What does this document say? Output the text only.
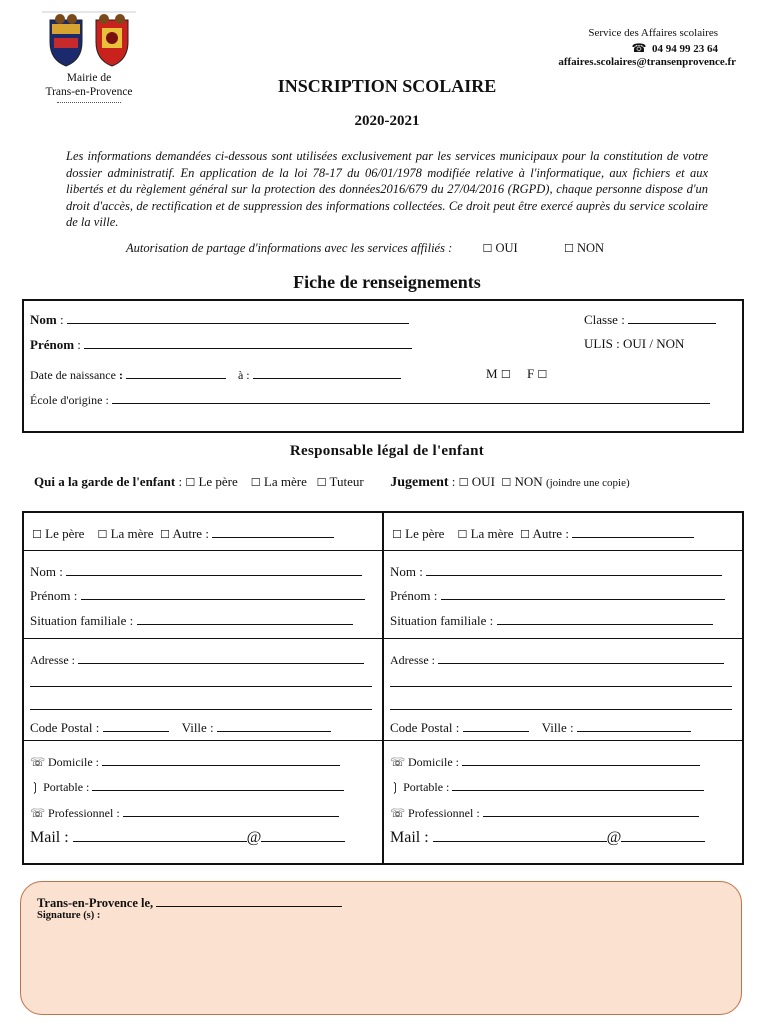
Mairie de
Trans-en-Provence
Service des Affaires scolaires
☎ 04 94 99 23 64
affaires.scolaires@transenprovence.fr
INSCRIPTION SCOLAIRE
2020-2021
Les informations demandées ci-dessous sont utilisées exclusivement par les services municipaux pour la constitution de votre dossier administratif. En application de la loi 78-17 du 06/01/1978 modifiée relative à l'informatique, aux fichiers et aux libertés et du règlement général sur la protection des données2016/679 du 27/04/2016 (RGPD), chaque personne dispose d'un droit d'accès, de rectification et de suppression des informations collectées. Ce droit peut être exercé auprès du service scolaire de la ville.
Autorisation de partage d'informations avec les services affiliés :	☐ OUI	☐ NON
Fiche de renseignements
Nom :	Classe :
Prénom :	ULIS : OUI / NON
Date de naissance :	à :	M ☐ F ☐
École d'origine :
Responsable légal de l'enfant
Qui a la garde de l'enfant : ☐ Le père ☐ La mère ☐ Tuteur Jugement : ☐ OUI ☐ NON (joindre une copie)
☐ Le père ☐ La mère ☐ Autre :
Nom :
Prénom :
Situation familiale :
Adresse :
Code Postal :	Ville :
☏ Domicile :
❳ Portable :
☏ Professionnel :
Mail :	@
☐ Le père ☐ La mère ☐ Autre :
Nom :
Prénom :
Situation familiale :
Adresse :
Code Postal :	Ville :
☏ Domicile :
❳ Portable :
☏ Professionnel :
Mail :	@
Trans-en-Provence le,
Signature (s) :
